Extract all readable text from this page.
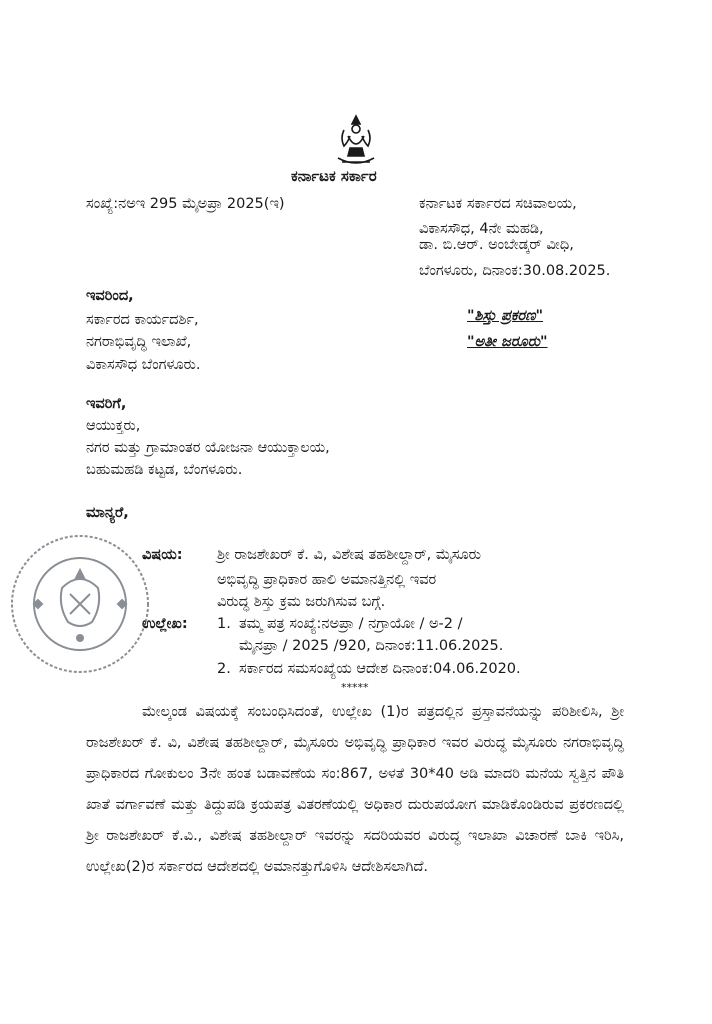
ಕರ್ನಾಟಕ ಸರ್ಕಾರ
ಸಂಖ್ಯೆ:ನಅಇ 295 ಮೈಅಪ್ರಾ 2025(ಇ)	ಕರ್ನಾಟಕ ಸರ್ಕಾರದ ಸಚಿವಾಲಯ,
ವಿಕಾಸಸೌಧ, 4ನೇ ಮಹಡಿ,
ಡಾ. ಬಿ.ಆರ್. ಅಂಬೇಡ್ಕರ್ ವೀಧಿ,
ಬೆಂಗಳೂರು, ದಿನಾಂಕ:30.08.2025.
ಇವರಿಂದ,
ಸರ್ಕಾರದ ಕಾರ್ಯದರ್ಶಿ,
ನಗರಾಭಿವೃದ್ಧಿ ಇಲಾಖೆ,
ವಿಕಾಸಸೌಧ ಬೆಂಗಳೂರು.
"ಶಿಸ್ತು ಪ್ರಕರಣ"
"ಅತೀ ಜರೂರು"
ಇವರಿಗೆ,
ಆಯುಕ್ತರು,
ನಗರ ಮತ್ತು ಗ್ರಾಮಾಂತರ ಯೋಜನಾ ಆಯುಕ್ತಾಲಯ,
ಬಹುಮಹಡಿ ಕಟ್ಟಡ, ಬೆಂಗಳೂರು.
ಮಾನ್ಯರೆ,
ವಿಷಯ: ಶ್ರೀ ರಾಜಶೇಖರ್ ಕೆ. ವಿ, ವಿಶೇಷ ತಹಶೀಲ್ದಾರ್, ಮೈಸೂರು
ಅಭಿವೃದ್ಧಿ ಪ್ರಾಧಿಕಾರ ಹಾಲಿ ಅಮಾನತ್ತಿನಲ್ಲಿ ಇವರ
ವಿರುದ್ಧ ಶಿಸ್ತು ಕ್ರಮ ಜರುಗಿಸುವ ಬಗ್ಗೆ.
ಉಲ್ಲೇಖ: 1. ತಮ್ಮ ಪತ್ರ ಸಂಖ್ಯೆ:ನಅಪ್ರಾ / ನಗ್ರಾಯೋ / ಅ-2 /
ಮೈನಪ್ರಾ / 2025 /920, ದಿನಾಂಕ:11.06.2025.
2. ಸರ್ಕಾರದ ಸಮಸಂಖ್ಯೆಯ ಆದೇಶ ದಿನಾಂಕ:04.06.2020.
*****

ಮೇಲ್ಕಂಡ ವಿಷಯಕ್ಕೆ ಸಂಬಂಧಿಸಿದಂತೆ, ಉಲ್ಲೇಖ (1)ರ ಪತ್ರದಲ್ಲಿನ ಪ್ರಸ್ತಾವನೆಯನ್ನು ಪರಿಶೀಲಿಸಿ, ಶ್ರೀ ರಾಜಶೇಖರ್ ಕೆ. ವಿ, ವಿಶೇಷ ತಹಶೀಲ್ದಾರ್, ಮೈಸೂರು ಅಭಿವೃದ್ಧಿ ಪ್ರಾಧಿಕಾರ ಇವರ ವಿರುದ್ಧ ಮೈಸೂರು ನಗರಾಭಿವೃದ್ಧಿ ಪ್ರಾಧಿಕಾರದ ಗೋಕುಲಂ 3ನೇ ಹಂತ ಬಡಾವಣೆಯ ಸಂ:867, ಅಳತೆ 30*40 ಅಡಿ ಮಾದರಿ ಮನೆಯ ಸ್ವತ್ತಿನ ಪೌತಿ ಖಾತೆ ವರ್ಗಾವಣೆ ಮತ್ತು ತಿದ್ದುಪಡಿ ಕ್ರಯಪತ್ರ ವಿತರಣೆಯಲ್ಲಿ ಅಧಿಕಾರ ದುರುಪಯೋಗ ಮಾಡಿಕೊಂಡಿರುವ ಪ್ರಕರಣದಲ್ಲಿ ಶ್ರೀ ರಾಜಶೇಖರ್ ಕೆ.ವಿ., ವಿಶೇಷ ತಹಶೀಲ್ದಾರ್ ಇವರನ್ನು ಸದರಿಯವರ ವಿರುದ್ಧ ಇಲಾಖಾ ವಿಚಾರಣೆ ಬಾಕಿ ಇರಿಸಿ, ಉಲ್ಲೇಖ(2)ರ ಸರ್ಕಾರದ ಆದೇಶದಲ್ಲಿ ಅಮಾನತ್ತುಗೊಳಿಸಿ ಆದೇಶಿಸಲಾಗಿದೆ.
